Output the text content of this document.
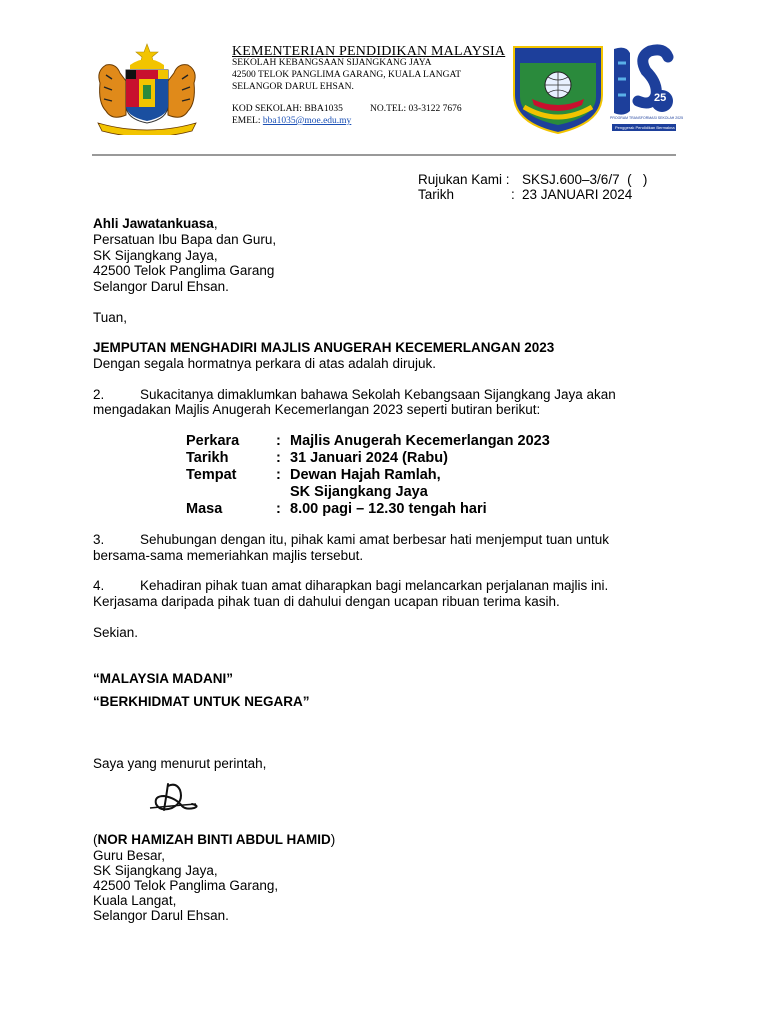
KEMENTERIAN PENDIDIKAN MALAYSIA
SEKOLAH KEBANGSAAN SIJANGKANG JAYA
42500 TELOK PANGLIMA GARANG, KUALA LANGAT
SELANGOR DARUL EHSAN.
KOD SEKOLAH: BBA1035	NO.TEL: 03-3122 7676
EMEL: bba1035@moe.edu.my
25
PROGRAM TRANSFORMASI SEKOLAH 2025
Penggerak Pendidikan Bermakna
Rujukan Kami : SKSJ.600–3/6/7  (   )
Tarikh	: 23 JANUARI 2024
Ahli Jawatankuasa,
Persatuan Ibu Bapa dan Guru,
SK Sijangkang Jaya,
42500 Telok Panglima Garang
Selangor Darul Ehsan.
Tuan,
JEMPUTAN MENGHADIRI MAJLIS ANUGERAH KECEMERLANGAN 2023
Dengan segala hormatnya perkara di atas adalah dirujuk.
2.	Sukacitanya dimaklumkan bahawa Sekolah Kebangsaan Sijangkang Jaya akan
mengadakan Majlis Anugerah Kecemerlangan 2023 seperti butiran berikut:
Perkara	: Majlis Anugerah Kecemerlangan 2023
Tarikh	: 31 Januari 2024 (Rabu)
Tempat	: Dewan Hajah Ramlah,
SK Sijangkang Jaya
Masa	: 8.00 pagi – 12.30 tengah hari
3.	Sehubungan dengan itu, pihak kami amat berbesar hati menjemput tuan untuk
bersama-sama memeriahkan majlis tersebut.
4.	Kehadiran pihak tuan amat diharapkan bagi melancarkan perjalanan majlis ini.
Kerjasama daripada pihak tuan di dahului dengan ucapan ribuan terima kasih.
Sekian.
“MALAYSIA MADANI”
“BERKHIDMAT UNTUK NEGARA”
Saya yang menurut perintah,
(NOR HAMIZAH BINTI ABDUL HAMID)
Guru Besar,
SK Sijangkang Jaya,
42500 Telok Panglima Garang,
Kuala Langat,
Selangor Darul Ehsan.
